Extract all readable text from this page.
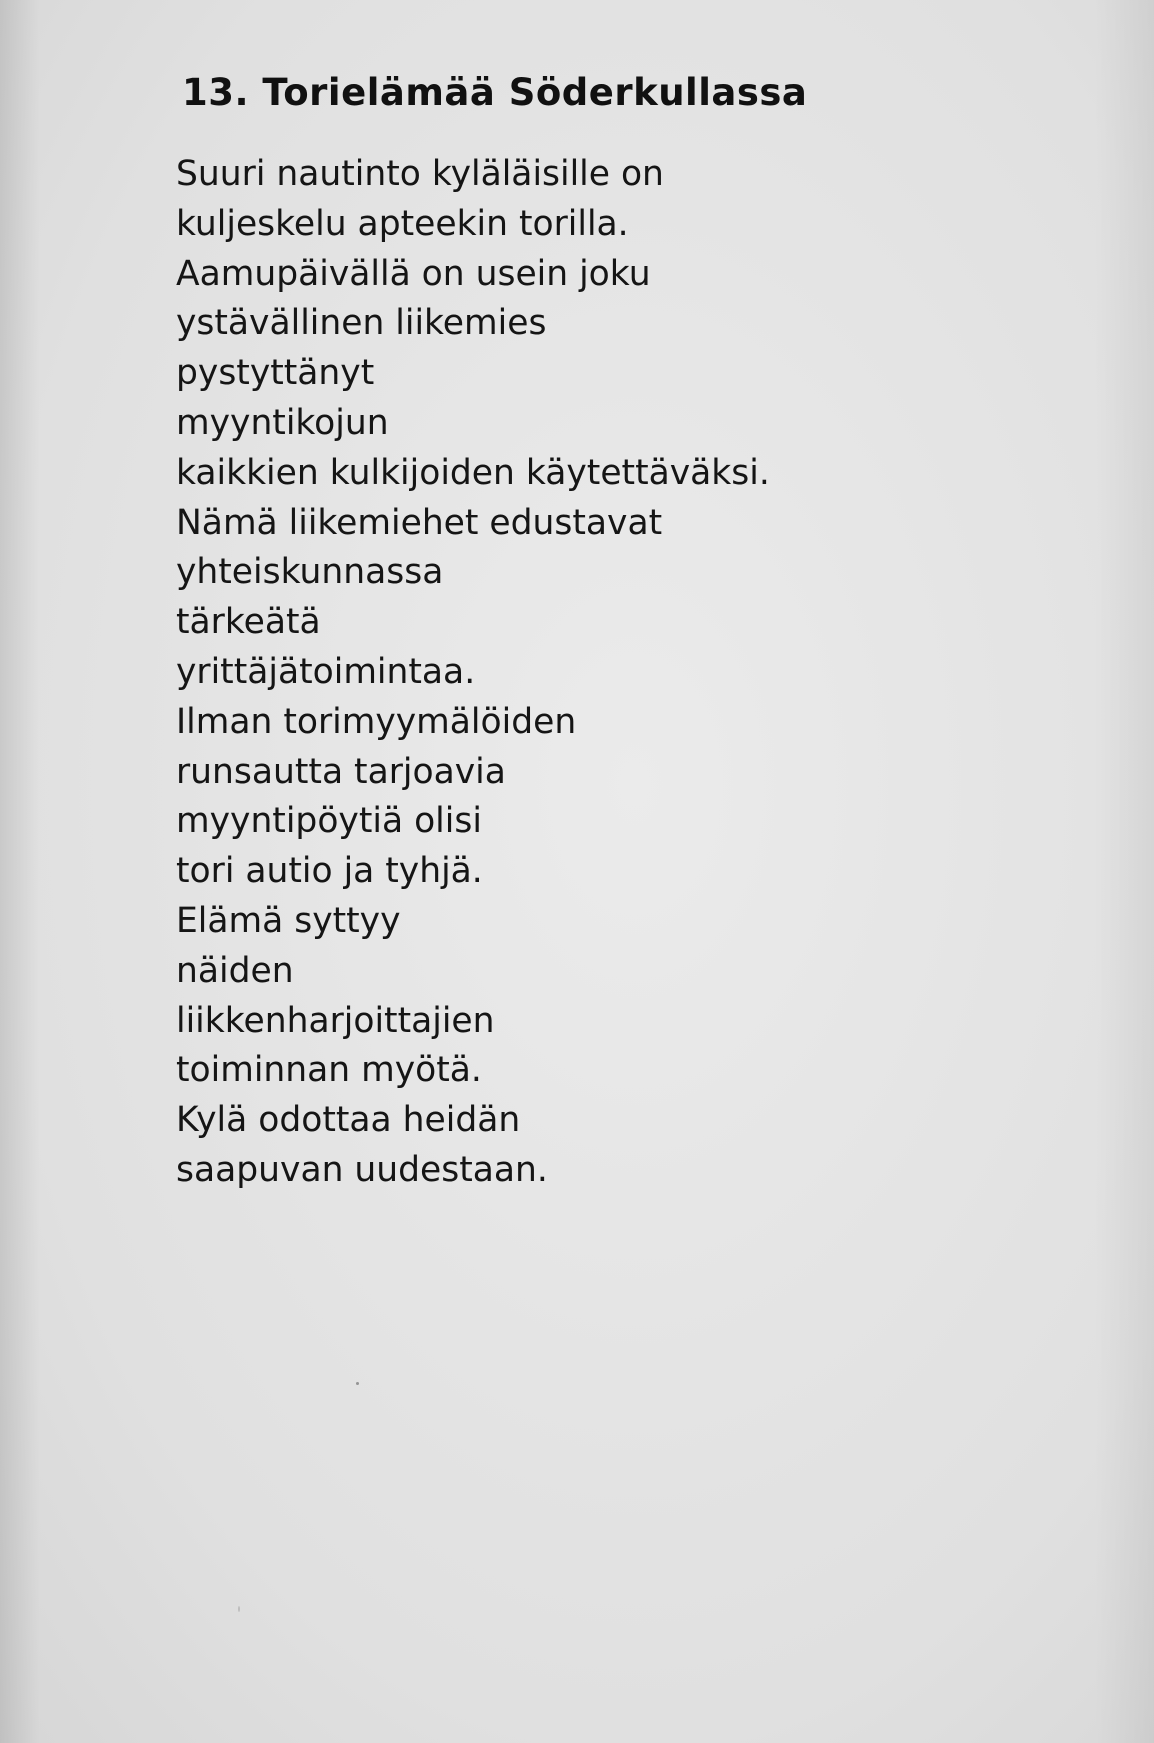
13. Torielämää Söderkullassa
Suuri nautinto kyläläisille on
kuljeskelu apteekin torilla.
Aamupäivällä on usein joku
ystävällinen liikemies
pystyttänyt
myyntikojun
kaikkien kulkijoiden käytettäväksi.
Nämä liikemiehet edustavat
yhteiskunnassa
tärkeätä
yrittäjätoimintaa.
Ilman torimyymälöiden
runsautta tarjoavia
myyntipöytiä olisi
tori autio ja tyhjä.
Elämä syttyy
näiden
liikkenharjoittajien
toiminnan myötä.
Kylä odottaa heidän
saapuvan uudestaan.
